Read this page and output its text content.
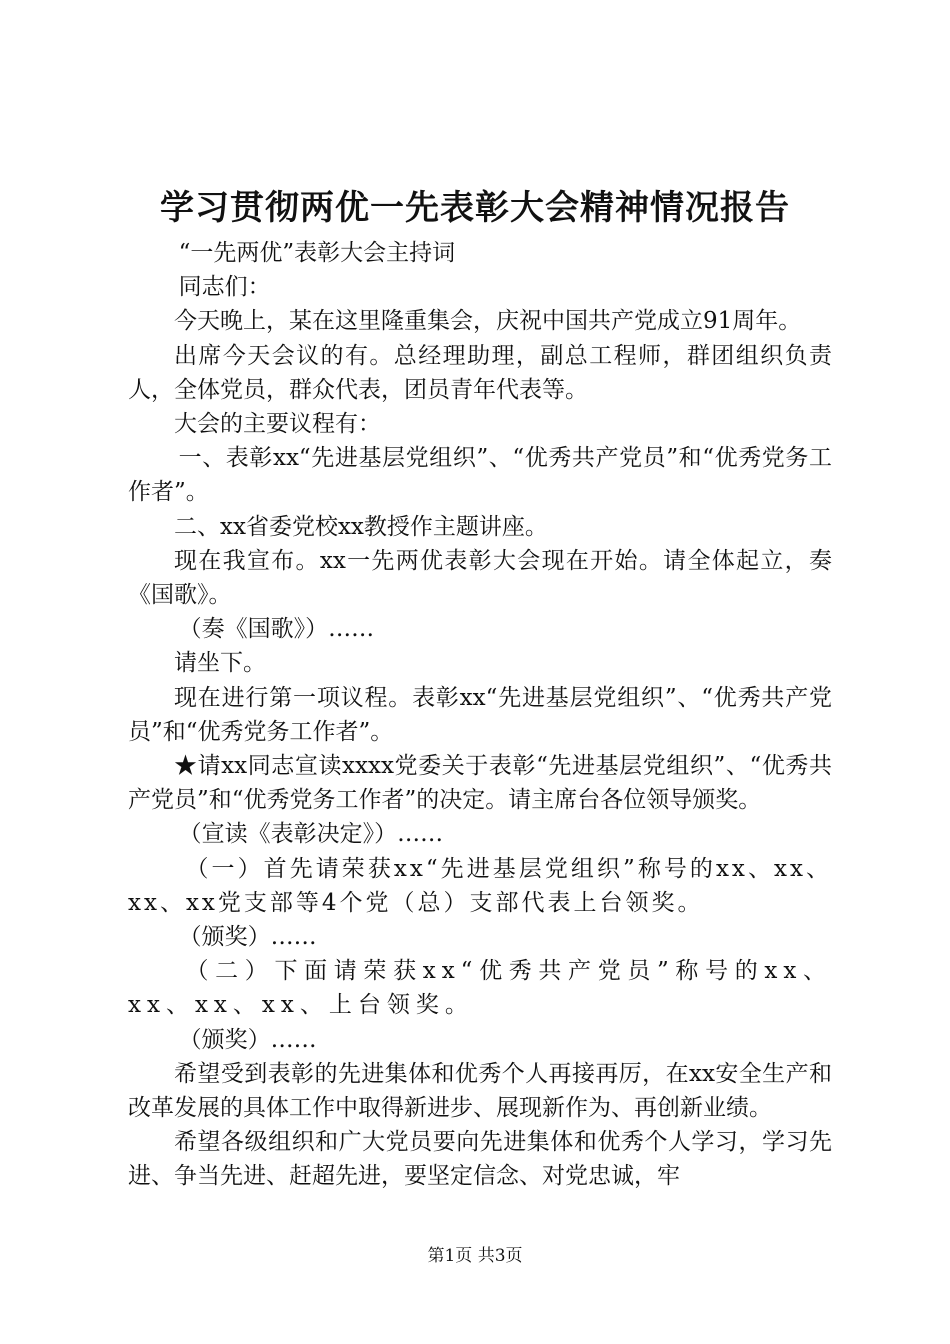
学习贯彻两优一先表彰大会精神情况报告

“一先两优”表彰大会主持词

同志们：

今天晚上，某在这里隆重集会，庆祝中国共产党成立91周年。

出席今天会议的有。总经理助理，副总工程师，群团组织负责人，全体党员，群众代表，团员青年代表等。

大会的主要议程有：

一、表彰xx“先进基层党组织”、“优秀共产党员”和“优秀党务工作者”。

二、xx省委党校xx教授作主题讲座。

现在我宣布。xx一先两优表彰大会现在开始。请全体起立，奏《国歌》。

（奏《国歌》）……

请坐下。

现在进行第一项议程。表彰xx“先进基层党组织”、“优秀共产党员”和“优秀党务工作者”。

★请xx同志宣读xxxx党委关于表彰“先进基层党组织”、“优秀共产党员”和“优秀党务工作者”的决定。请主席台各位领导颁奖。

（宣读《表彰决定》）……

（一）首先请荣获xx“先进基层党组织”称号的xx、xx、xx、xx党支部等4个党（总）支部代表上台领奖。

（颁奖）……

（二）下面请荣获xx“优秀共产党员”称号的xx、xx、xx、xx、上台领奖。

（颁奖）……

希望受到表彰的先进集体和优秀个人再接再厉，在xx安全生产和改革发展的具体工作中取得新进步、展现新作为、再创新业绩。

希望各级组织和广大党员要向先进集体和优秀个人学习，学习先进、争当先进、赶超先进，要坚定信念、对党忠诚，牢

第1页 共3页
